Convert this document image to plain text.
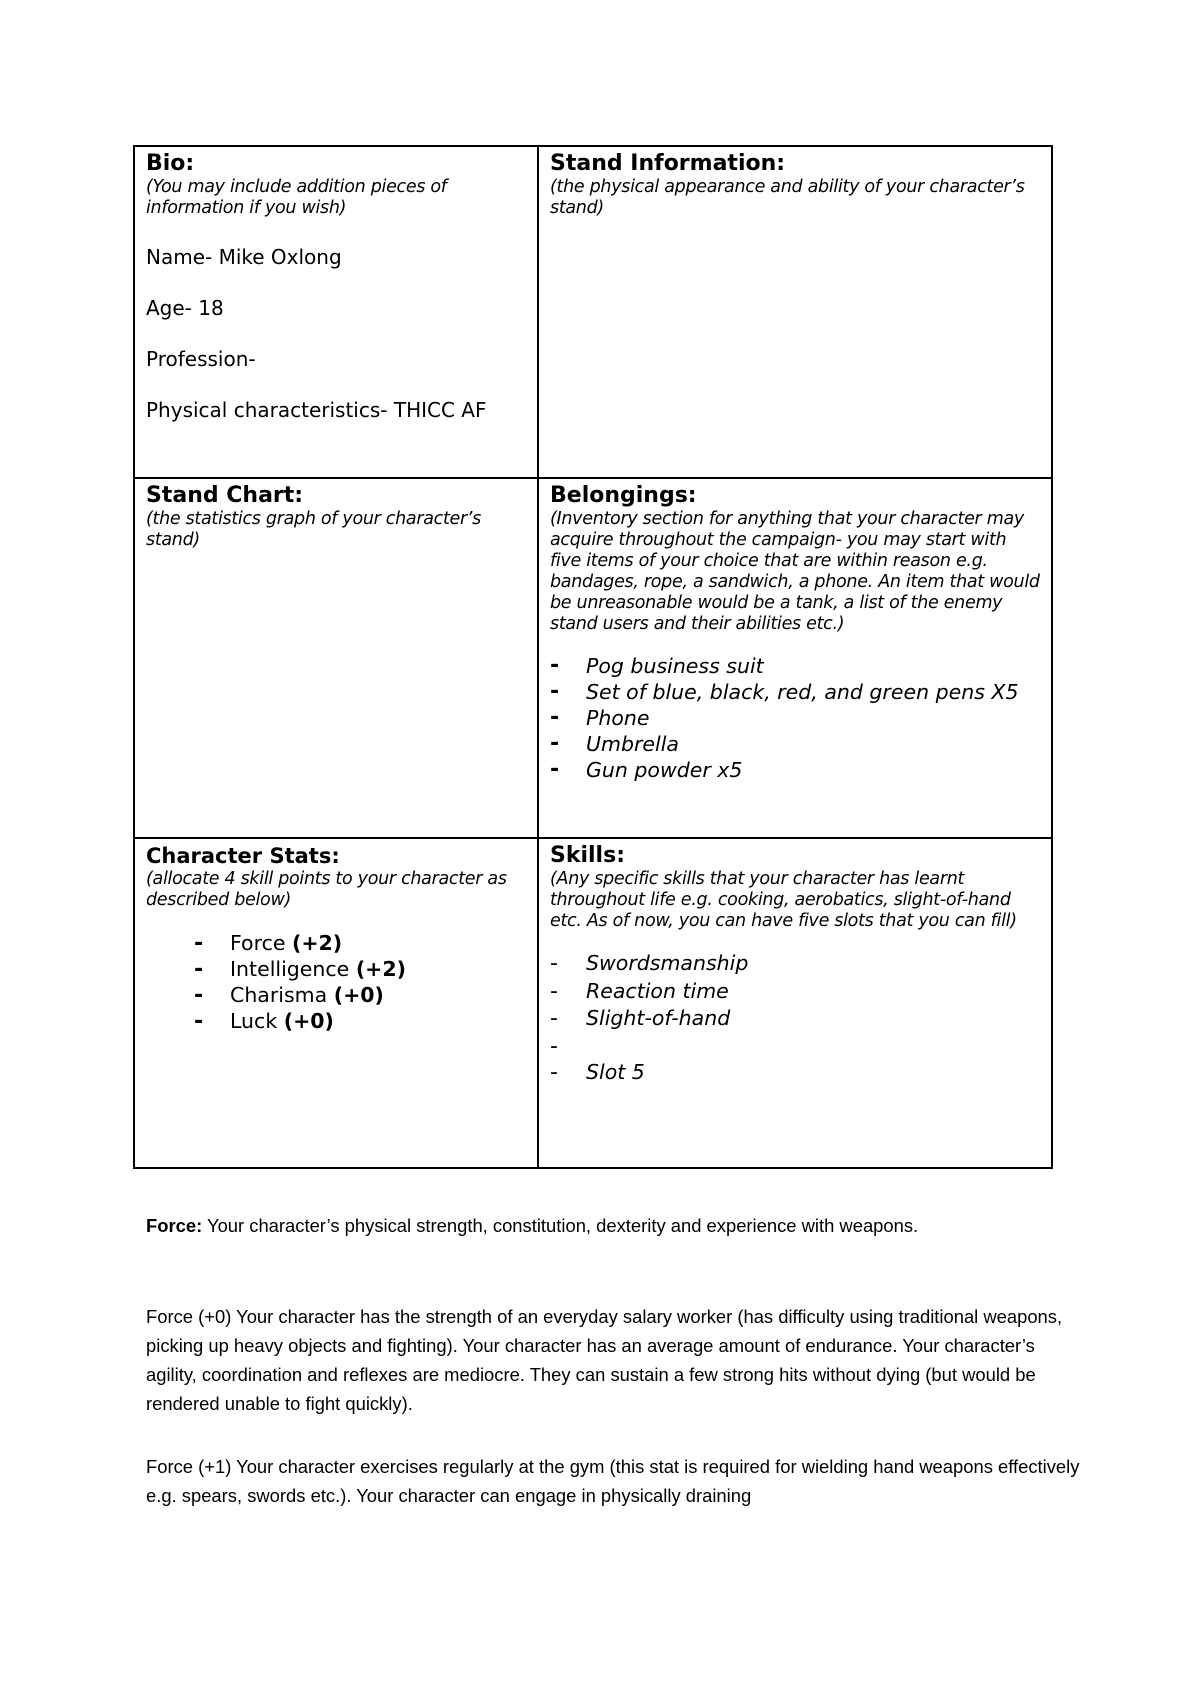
Bio:
(You may include addition pieces of information if you wish)
Name- Mike Oxlong
Age- 18
Profession-
Physical characteristics- THICC AF
Stand Information:
(the physical appearance and ability of your character’s stand)
Stand Chart:
(the statistics graph of your character’s stand)
Belongings:
(Inventory section for anything that your character may acquire throughout the campaign- you may start with five items of your choice that are within reason e.g. bandages, rope, a sandwich, a phone. An item that would be unreasonable would be a tank, a list of the enemy stand users and their abilities etc.)
- Pog business suit
- Set of blue, black, red, and green pens X5
- Phone
- Umbrella
- Gun powder x5
Character Stats:
(allocate 4 skill points to your character as described below)
- Force (+2)
- Intelligence (+2)
- Charisma (+0)
- Luck (+0)
Skills:
(Any specific skills that your character has learnt throughout life e.g. cooking, aerobatics, slight-of-hand etc. As of now, you can have five slots that you can fill)
- Swordsmanship
- Reaction time
- Slight-of-hand
-
- Slot 5

Force: Your character’s physical strength, constitution, dexterity and experience with weapons.

Force (+0) Your character has the strength of an everyday salary worker (has difficulty using traditional weapons, picking up heavy objects and fighting). Your character has an average amount of endurance. Your character’s agility, coordination and reflexes are mediocre. They can sustain a few strong hits without dying (but would be rendered unable to fight quickly).

Force (+1) Your character exercises regularly at the gym (this stat is required for wielding hand weapons effectively e.g. spears, swords etc.). Your character can engage in physically draining
